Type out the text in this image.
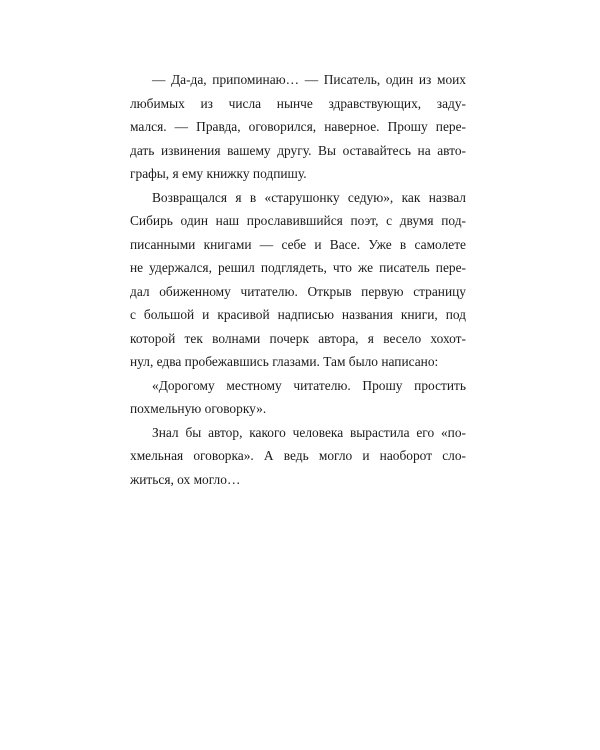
— Да-да, припоминаю… — Писатель, один из моих
любимых из числа нынче здравствующих, заду-
мался. — Правда, оговорился, наверное. Прошу пере-
дать извинения вашему другу. Вы оставайтесь на авто-
графы, я ему книжку подпишу.
Возвращался я в «старушонку седую», как назвал
Сибирь один наш прославившийся поэт, с двумя под-
писанными книгами — себе и Васе. Уже в самолете
не удержался, решил подглядеть, что же писатель пере-
дал обиженному читателю. Открыв первую страницу
с большой и красивой надписью названия книги, под
которой тек волнами почерк автора, я весело хохот-
нул, едва пробежавшись глазами. Там было написано:
«Дорогому местному читателю. Прошу простить
похмельную оговорку».
Знал бы автор, какого человека вырастила его «по-
хмельная оговорка». А ведь могло и наоборот сло-
житься, ох могло…
